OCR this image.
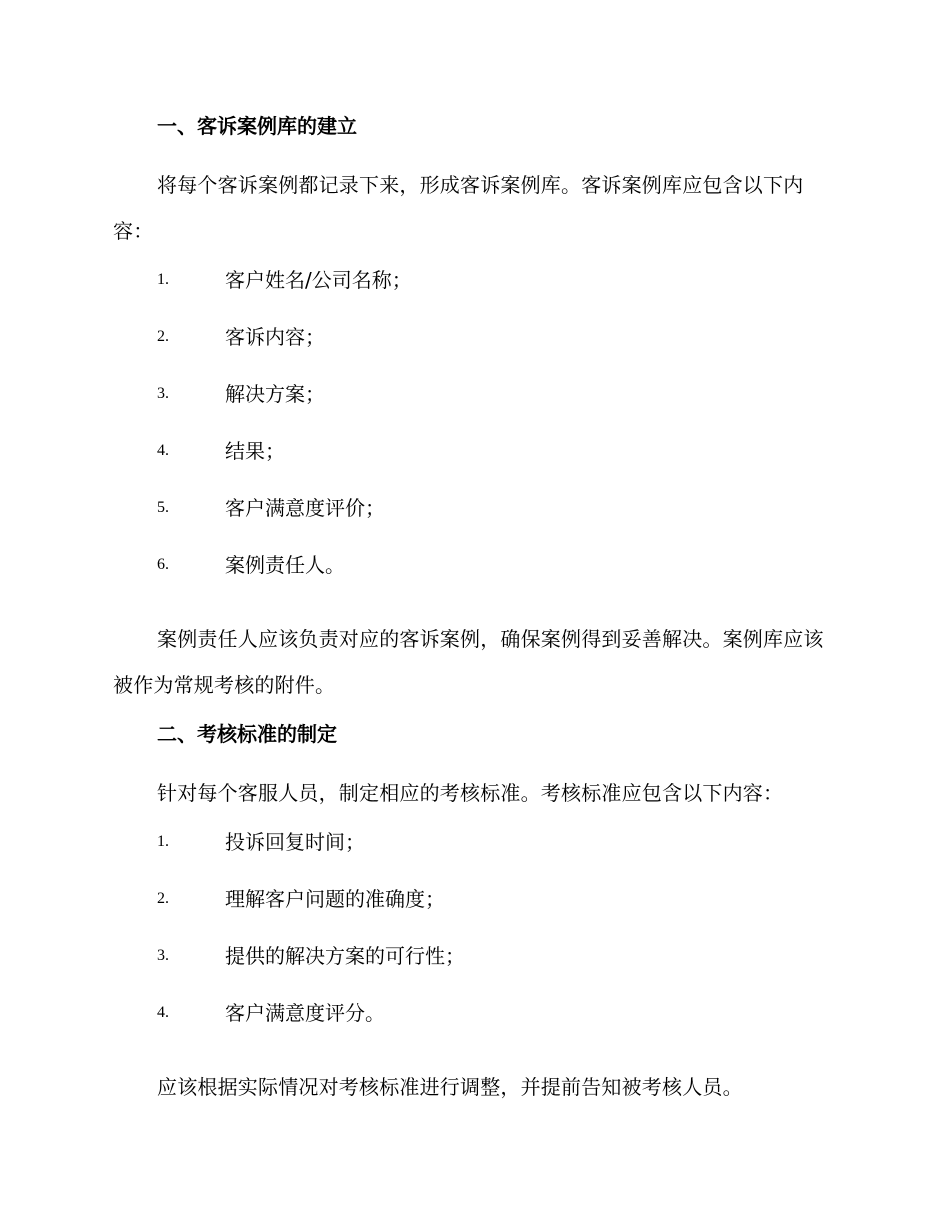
一、客诉案例库的建立

将每个客诉案例都记录下来，形成客诉案例库。客诉案例库应包含以下内容：

1.	客户姓名/公司名称；
2.	客诉内容；
3.	解决方案；
4.	结果；
5.	客户满意度评价；
6.	案例责任人。

案例责任人应该负责对应的客诉案例，确保案例得到妥善解决。案例库应该被作为常规考核的附件。

二、考核标准的制定

针对每个客服人员，制定相应的考核标准。考核标准应包含以下内容：

1.	投诉回复时间；
2.	理解客户问题的准确度；
3.	提供的解决方案的可行性；
4.	客户满意度评分。

应该根据实际情况对考核标准进行调整，并提前告知被考核人员。
